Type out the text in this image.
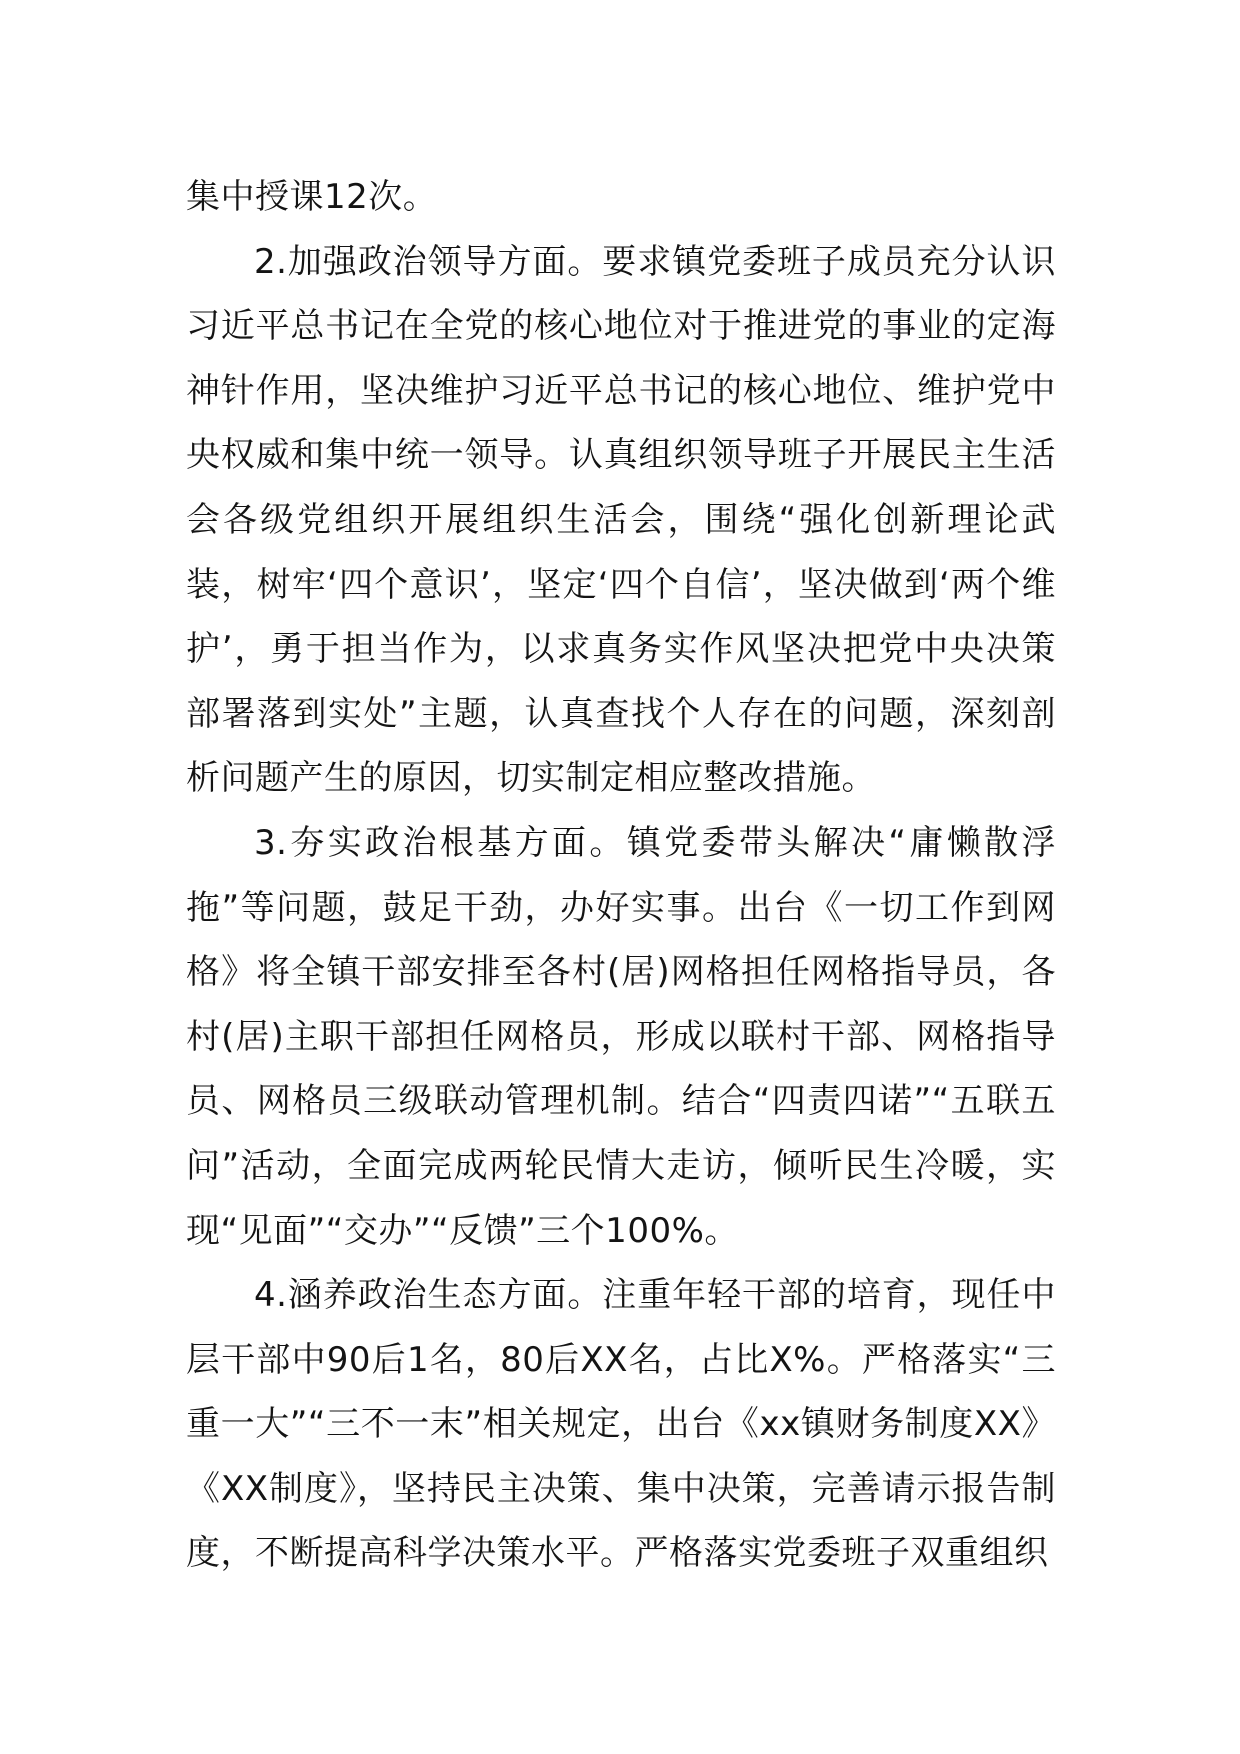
集中授课12次。

2.加强政治领导方面。要求镇党委班子成员充分认识习近平总书记在全党的核心地位对于推进党的事业的定海神针作用，坚决维护习近平总书记的核心地位、维护党中央权威和集中统一领导。认真组织领导班子开展民主生活会各级党组织开展组织生活会，围绕“强化创新理论武装，树牢‘四个意识’，坚定‘四个自信’，坚决做到‘两个维护’，勇于担当作为，以求真务实作风坚决把党中央决策部署落到实处”主题，认真查找个人存在的问题，深刻剖析问题产生的原因，切实制定相应整改措施。

3.夯实政治根基方面。镇党委带头解决“庸懒散浮拖”等问题，鼓足干劲，办好实事。出台《一切工作到网格》将全镇干部安排至各村(居)网格担任网格指导员，各村(居)主职干部担任网格员，形成以联村干部、网格指导员、网格员三级联动管理机制。结合“四责四诺”“五联五问”活动，全面完成两轮民情大走访，倾听民生冷暖，实现“见面”“交办”“反馈”三个100%。

4.涵养政治生态方面。注重年轻干部的培育，现任中层干部中90后1名，80后XX名，占比X%。严格落实“三重一大”“三不一末”相关规定，出台《xx镇财务制度XX》《XX制度》，坚持民主决策、集中决策，完善请示报告制度，不断提高科学决策水平。严格落实党委班子双重组织
